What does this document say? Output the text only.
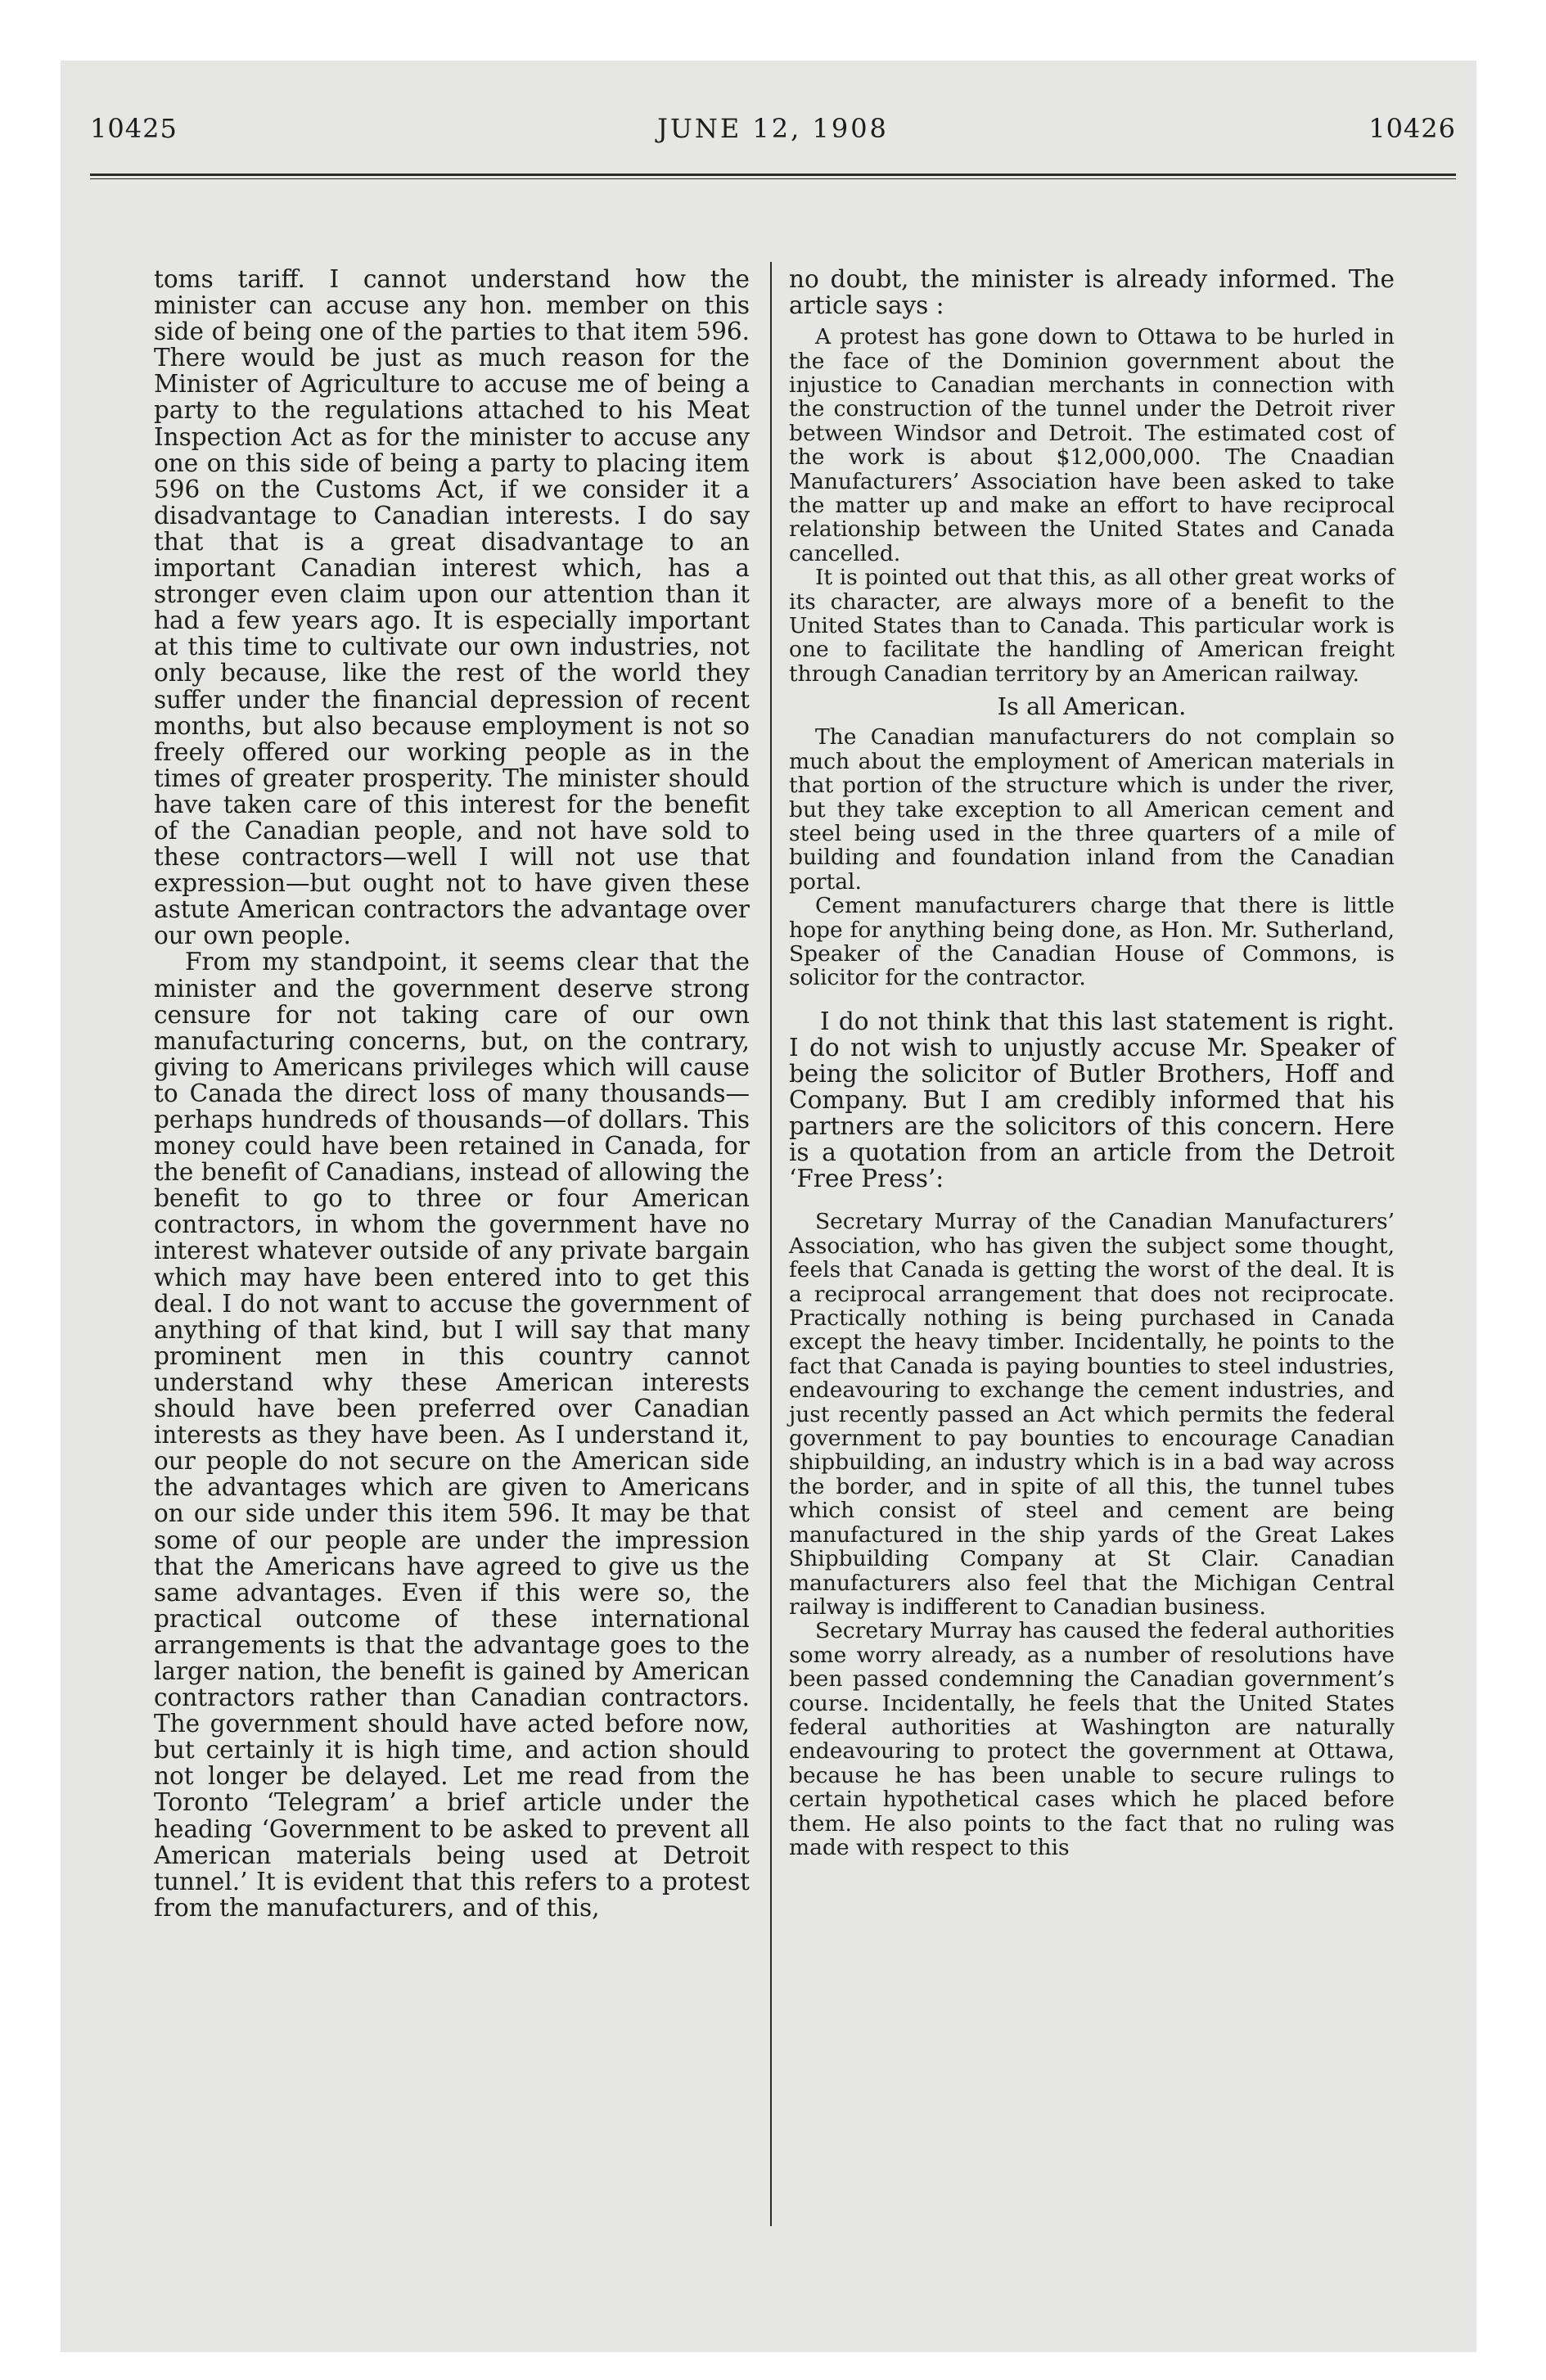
10425	JUNE 12, 1908	10426

toms tariff. I cannot understand how the minister can accuse any hon. member on this side of being one of the parties to that item 596. There would be just as much reason for the Minister of Agriculture to accuse me of being a party to the regulations attached to his Meat Inspection Act as for the minister to accuse any one on this side of being a party to placing item 596 on the Customs Act, if we consider it a disadvantage to Canadian interests. I do say that that is a great disadvantage to an important Canadian interest which, has a stronger even claim upon our attention than it had a few years ago. It is especially important at this time to cultivate our own industries, not only because, like the rest of the world they suffer under the financial depression of recent months, but also because employment is not so freely offered our working people as in the times of greater prosperity. The minister should have taken care of this interest for the benefit of the Canadian people, and not have sold to these contractors—well I will not use that expression—but ought not to have given these astute American contractors the advantage over our own people.

From my standpoint, it seems clear that the minister and the government deserve strong censure for not taking care of our own manufacturing concerns, but, on the contrary, giving to Americans privileges which will cause to Canada the direct loss of many thousands—perhaps hundreds of thousands—of dollars. This money could have been retained in Canada, for the benefit of Canadians, instead of allowing the benefit to go to three or four American contractors, in whom the government have no interest whatever outside of any private bargain which may have been entered into to get this deal. I do not want to accuse the government of anything of that kind, but I will say that many prominent men in this country cannot understand why these American interests should have been preferred over Canadian interests as they have been. As I understand it, our people do not secure on the American side the advantages which are given to Americans on our side under this item 596. It may be that some of our people are under the impression that the Americans have agreed to give us the same advantages. Even if this were so, the practical outcome of these international arrangements is that the advantage goes to the larger nation, the benefit is gained by American contractors rather than Canadian contractors. The government should have acted before now, but certainly it is high time, and action should not longer be delayed. Let me read from the Toronto ‘Telegram’ a brief article under the heading ‘Government to be asked to prevent all American materials being used at Detroit tunnel.’ It is evident that this refers to a protest from the manufacturers, and of this,

no doubt, the minister is already informed. The article says :

A protest has gone down to Ottawa to be hurled in the face of the Dominion government about the injustice to Canadian merchants in connection with the construction of the tunnel under the Detroit river between Windsor and Detroit. The estimated cost of the work is about $12,000,000. The Cnaadian Manufacturers’ Association have been asked to take the matter up and make an effort to have reciprocal relationship between the United States and Canada cancelled.

It is pointed out that this, as all other great works of its character, are always more of a benefit to the United States than to Canada. This particular work is one to facilitate the handling of American freight through Canadian territory by an American railway.

Is all American.

The Canadian manufacturers do not complain so much about the employment of American materials in that portion of the structure which is under the river, but they take exception to all American cement and steel being used in the three quarters of a mile of building and foundation inland from the Canadian portal.

Cement manufacturers charge that there is little hope for anything being done, as Hon. Mr. Sutherland, Speaker of the Canadian House of Commons, is solicitor for the contractor.

I do not think that this last statement is right. I do not wish to unjustly accuse Mr. Speaker of being the solicitor of Butler Brothers, Hoff and Company. But I am credibly informed that his partners are the solicitors of this concern. Here is a quotation from an article from the Detroit ‘Free Press’:

Secretary Murray of the Canadian Manufacturers’ Association, who has given the subject some thought, feels that Canada is getting the worst of the deal. It is a reciprocal arrangement that does not reciprocate. Practically nothing is being purchased in Canada except the heavy timber. Incidentally, he points to the fact that Canada is paying bounties to steel industries, endeavouring to exchange the cement industries, and just recently passed an Act which permits the federal government to pay bounties to encourage Canadian shipbuilding, an industry which is in a bad way across the border, and in spite of all this, the tunnel tubes which consist of steel and cement are being manufactured in the ship yards of the Great Lakes Shipbuilding Company at St Clair. Canadian manufacturers also feel that the Michigan Central railway is indifferent to Canadian business.

Secretary Murray has caused the federal authorities some worry already, as a number of resolutions have been passed condemning the Canadian government’s course. Incidentally, he feels that the United States federal authorities at Washington are naturally endeavouring to protect the government at Ottawa, because he has been unable to secure rulings to certain hypothetical cases which he placed before them. He also points to the fact that no ruling was made with respect to this
